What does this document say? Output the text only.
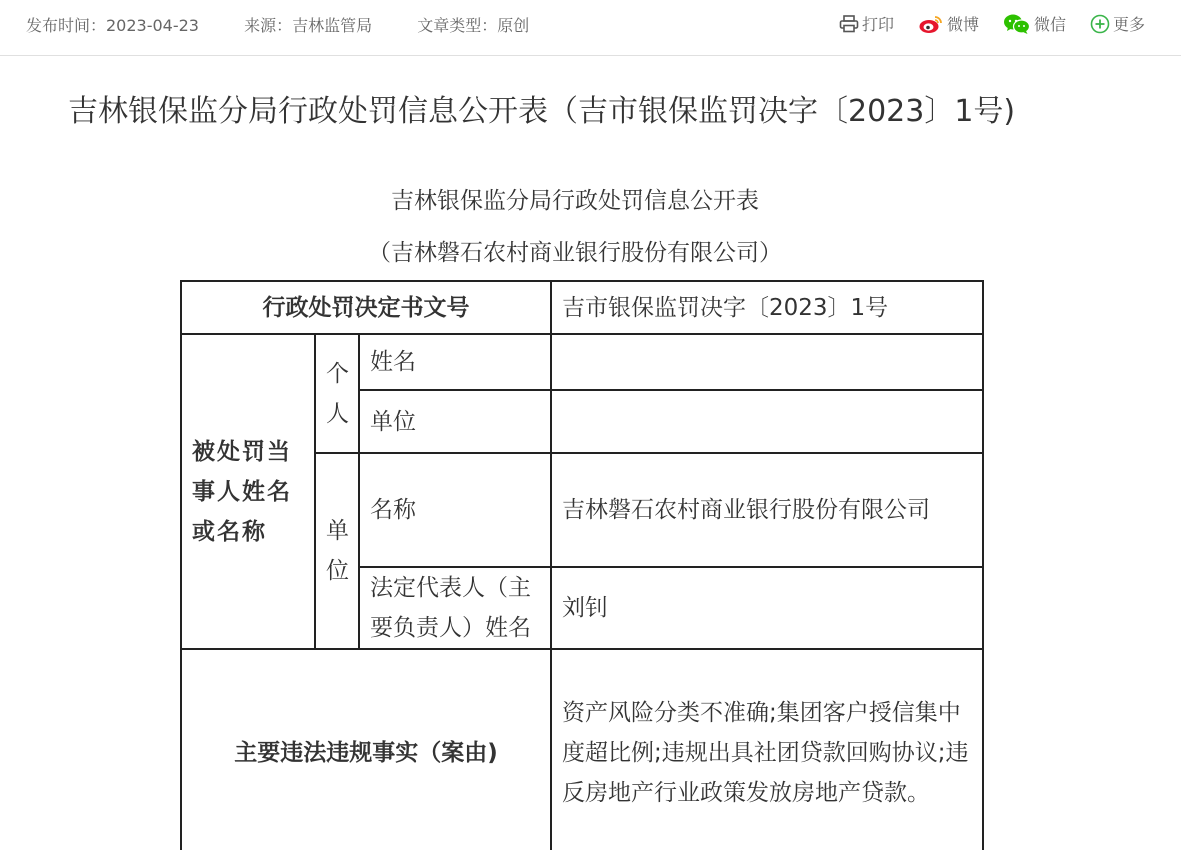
发布时间：2023-04-23	来源：吉林监管局	文章类型：原创	打印	微博	微信	更多
吉林银保监分局行政处罚信息公开表（吉市银保监罚决字〔2023〕1号)
吉林银保监分局行政处罚信息公开表
（吉林磐石农村商业银行股份有限公司）
行政处罚决定书文号			吉市银保监罚决字〔2023〕1号
被处罚当事人姓名或名称	个人	姓名	
		单位	
	单位	名称	吉林磐石农村商业银行股份有限公司
		法定代表人（主要负责人）姓名	刘钊
主要违法违规事实（案由)			资产风险分类不准确;集团客户授信集中度超比例;违规出具社团贷款回购协议;违反房地产行业政策发放房地产贷款。
